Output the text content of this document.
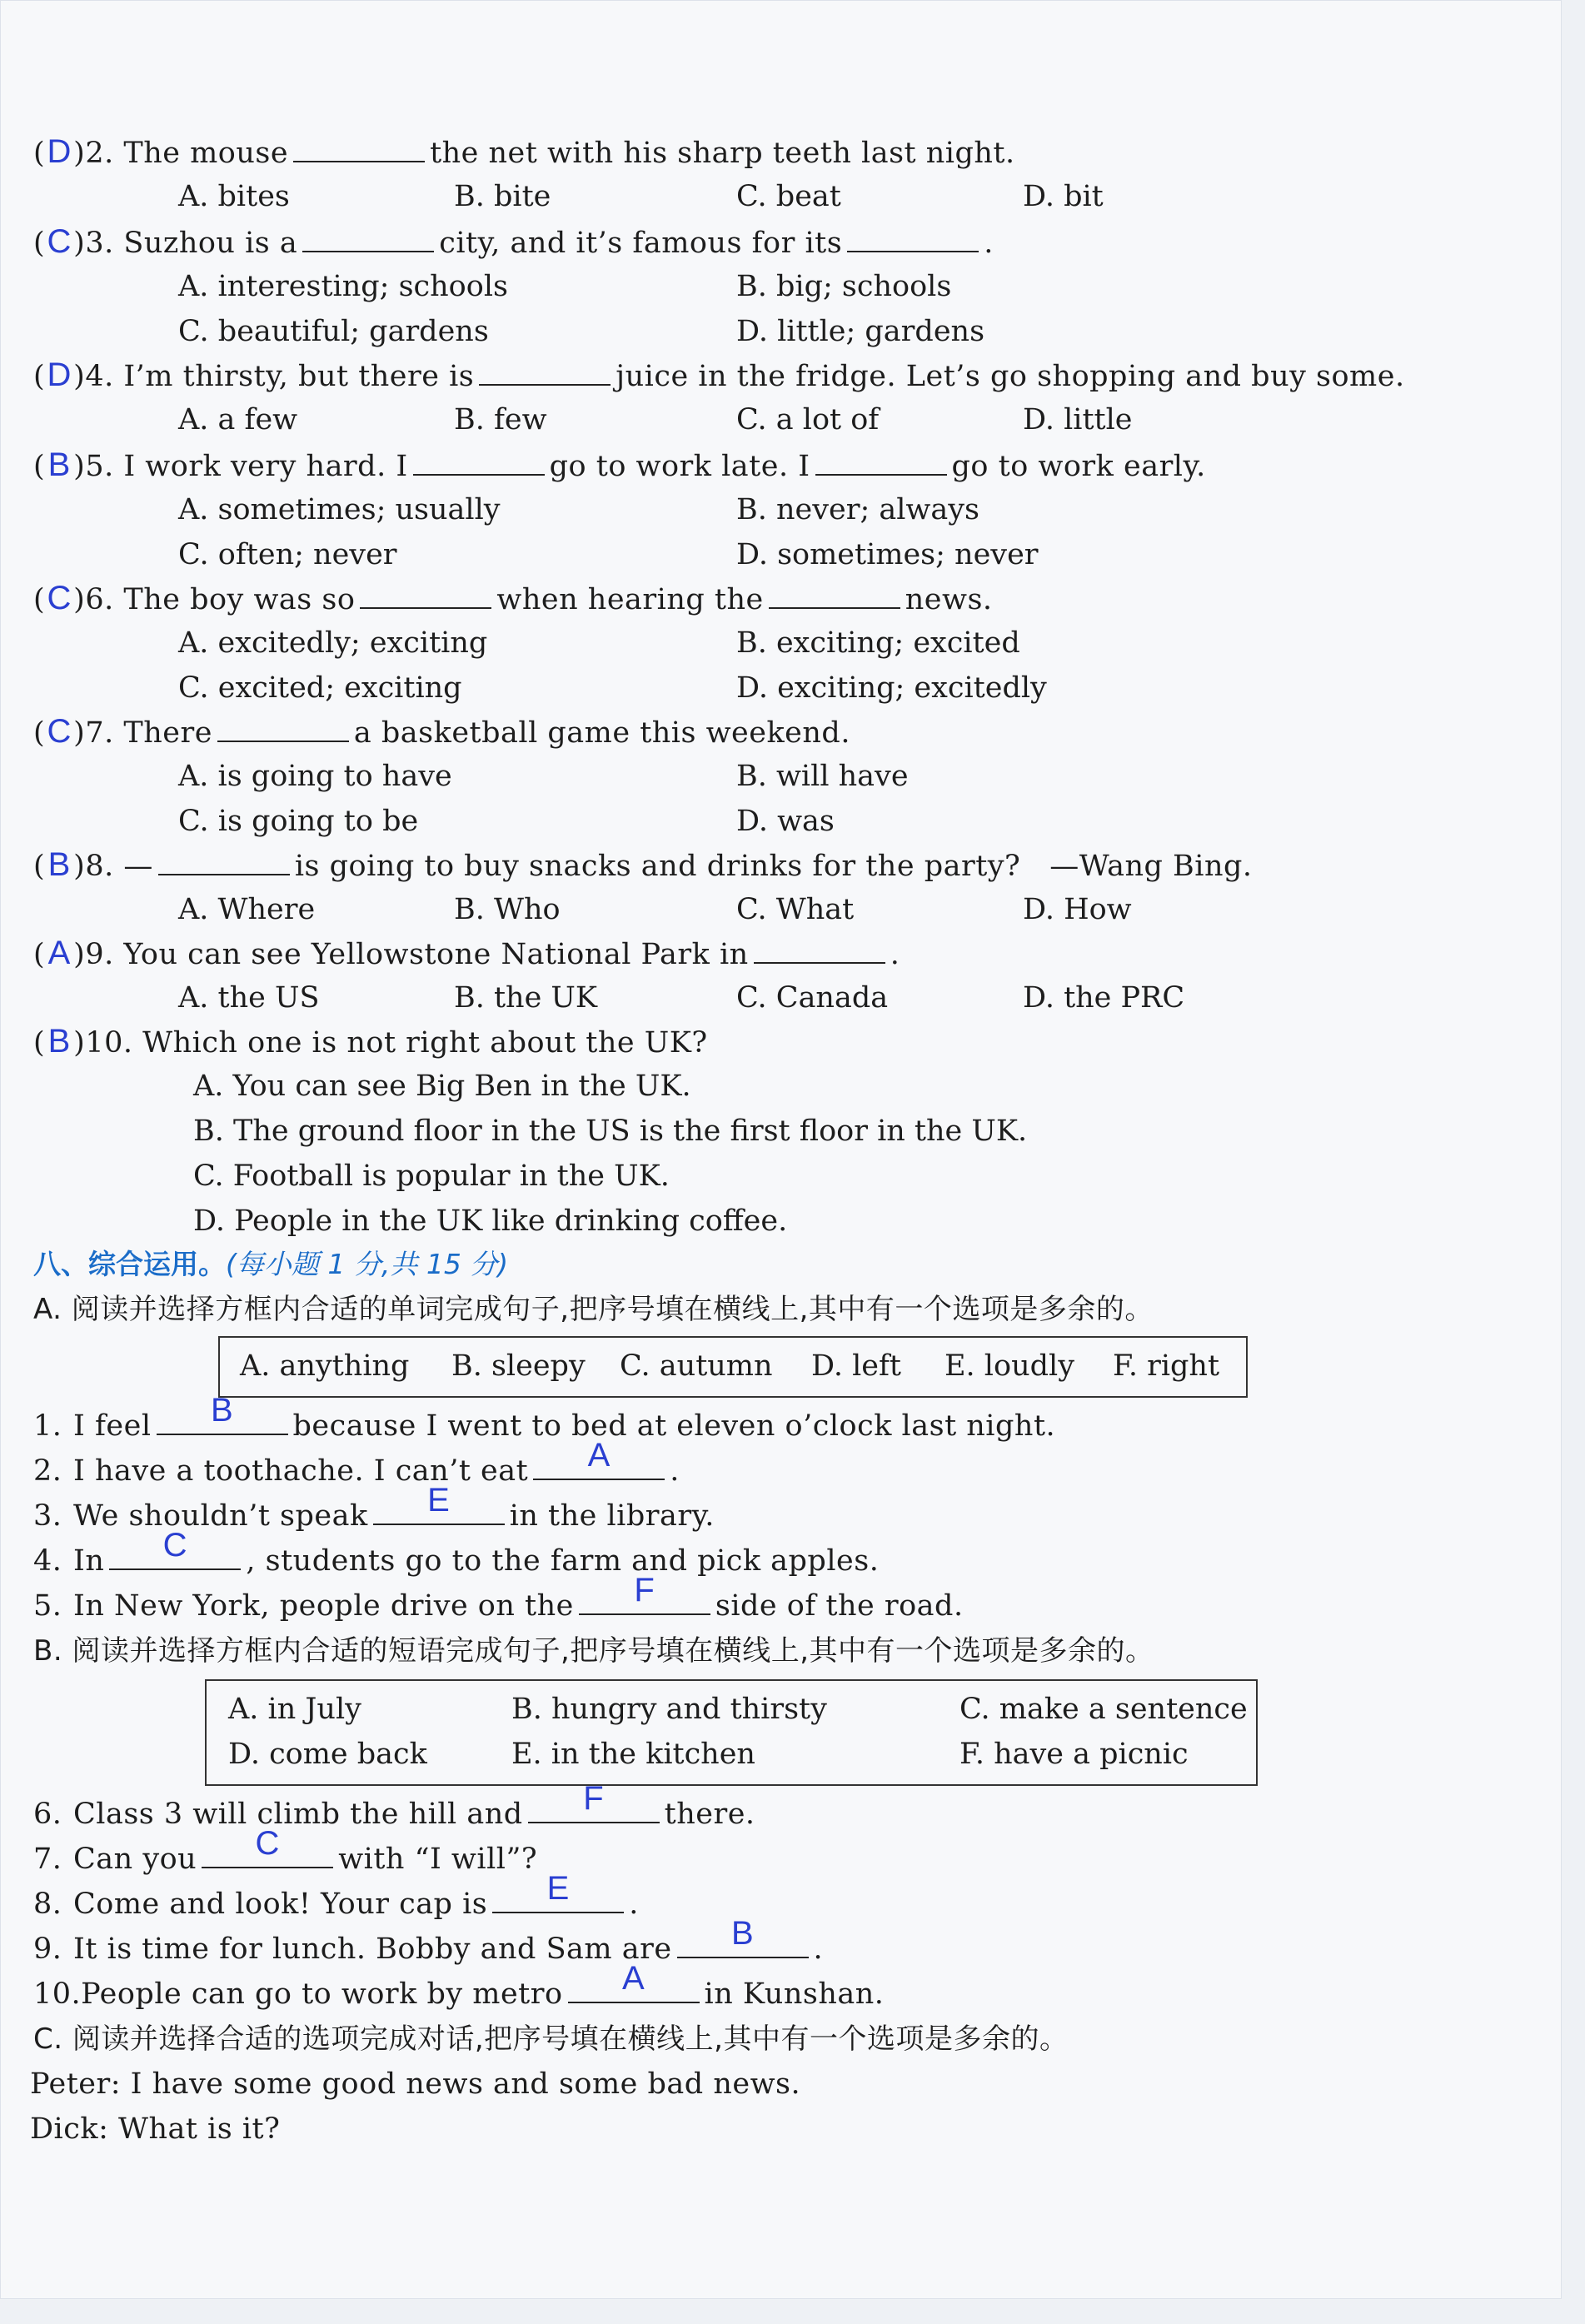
(D)2. The mouse	the net with his sharp teeth last night.
A. bites	B. bite	C. beat	D. bit
(C)3. Suzhou is a	city, and it’s famous for its	.
A. interesting; schools	B. big; schools
C. beautiful; gardens	D. little; gardens
(D)4. I’m thirsty, but there is	juice in the fridge. Let’s go shopping and buy some.
A. a few	B. few	C. a lot of	D. little
(B)5. I work very hard. I	go to work late. I	go to work early.
A. sometimes; usually	B. never; always
C. often; never	D. sometimes; never
(C)6. The boy was so	when hearing the	news.
A. excitedly; exciting	B. exciting; excited
C. excited; exciting	D. exciting; excitedly
(C)7. There	a basketball game this weekend.
A. is going to have	B. will have
C. is going to be	D. was
(B)8. —	is going to buy snacks and drinks for the party? —Wang Bing.
A. Where	B. Who	C. What	D. How
(A)9. You can see Yellowstone National Park in	.
A. the US	B. the UK	C. Canada	D. the PRC
(B)10. Which one is not right about the UK?
A. You can see Big Ben in the UK.
B. The ground floor in the US is the first floor in the UK.
C. Football is popular in the UK.
D. People in the UK like drinking coffee.
八、综合运用。(每小题 1 分,共 15 分)
A. 阅读并选择方框内合适的单词完成句子,把序号填在横线上,其中有一个选项是多余的。
A. anything B. sleepy C. autumn D. left E. loudly F. right
1. I feel	B	because I went to bed at eleven o’clock last night.
2. I have a toothache. I can’t eat	A	.
3. We shouldn’t speak	E	in the library.
4. In	C	, students go to the farm and pick apples.
5. In New York, people drive on the	F	side of the road.
B. 阅读并选择方框内合适的短语完成句子,把序号填在横线上,其中有一个选项是多余的。
A. in July	B. hungry and thirsty	C. make a sentence
D. come back	E. in the kitchen	F. have a picnic
6. Class 3 will climb the hill and	F	there.
7. Can you	C	with “I will”?
8. Come and look! Your cap is	E	.
9. It is time for lunch. Bobby and Sam are	B	.
10.People can go to work by metro	A	in Kunshan.
C. 阅读并选择合适的选项完成对话,把序号填在横线上,其中有一个选项是多余的。
Peter: I have some good news and some bad news.
Dick: What is it?
